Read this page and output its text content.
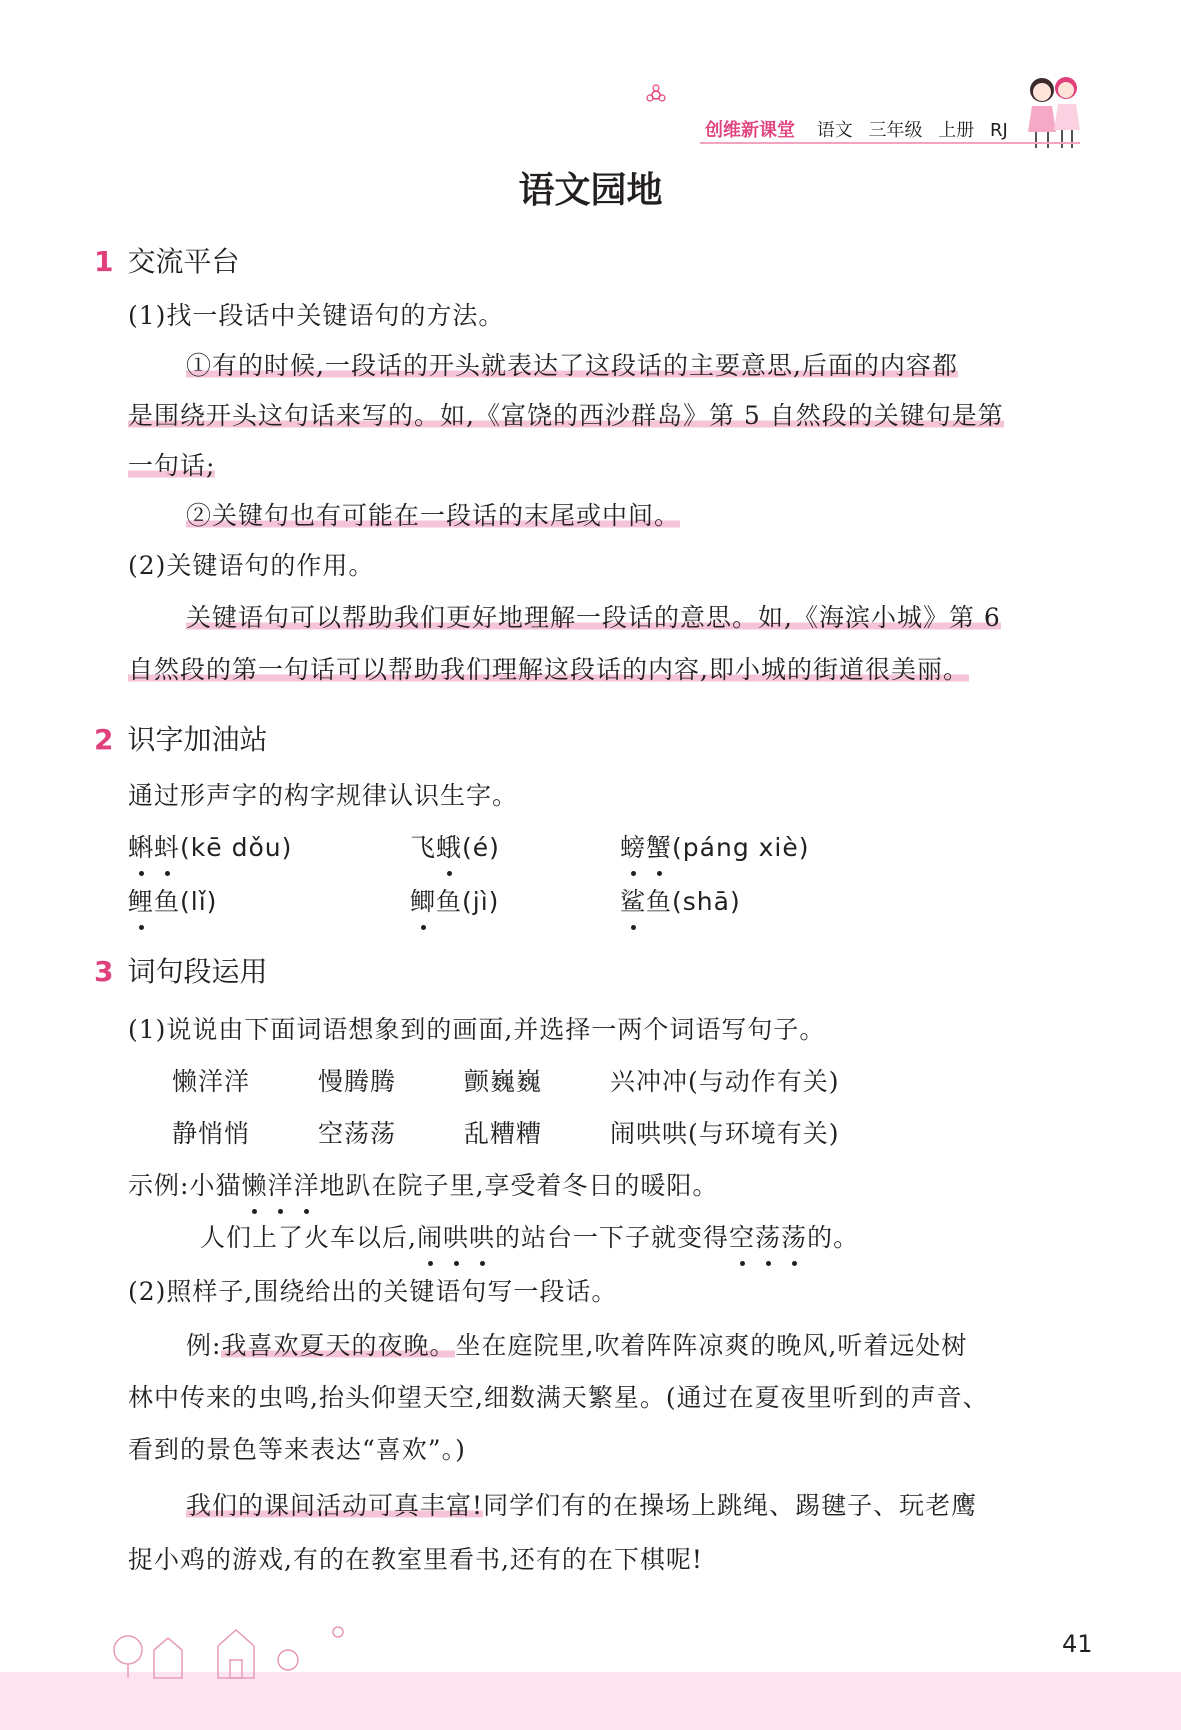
创维新课堂 语文 三年级 上册 RJ
语文园地
1 交流平台
(1)找一段话中关键语句的方法。
①有的时候,一段话的开头就表达了这段话的主要意思,后面的内容都
是围绕开头这句话来写的。如,《富饶的西沙群岛》第 5 自然段的关键句是第
一句话;
②关键句也有可能在一段话的末尾或中间。
(2)关键语句的作用。
关键语句可以帮助我们更好地理解一段话的意思。如,《海滨小城》第 6
自然段的第一句话可以帮助我们理解这段话的内容,即小城的街道很美丽。
2 识字加油站
通过形声字的构字规律认识生字。
蝌蚪(kē dǒu)	飞蛾(é)	螃蟹(páng xiè)
鲤鱼(lǐ)	鲫鱼(jì)	鲨鱼(shā)
3 词句段运用
(1)说说由下面词语想象到的画面,并选择一两个词语写句子。
懒洋洋	慢腾腾	颤巍巍	兴冲冲(与动作有关)
静悄悄	空荡荡	乱糟糟	闹哄哄(与环境有关)
示例:小猫懒洋洋地趴在院子里,享受着冬日的暖阳。
人们上了火车以后,闹哄哄的站台一下子就变得空荡荡的。
(2)照样子,围绕给出的关键语句写一段话。
例:我喜欢夏天的夜晚。坐在庭院里,吹着阵阵凉爽的晚风,听着远处树
林中传来的虫鸣,抬头仰望天空,细数满天繁星。(通过在夏夜里听到的声音、
看到的景色等来表达“喜欢”。)
我们的课间活动可真丰富!同学们有的在操场上跳绳、踢毽子、玩老鹰
捉小鸡的游戏,有的在教室里看书,还有的在下棋呢!
41
